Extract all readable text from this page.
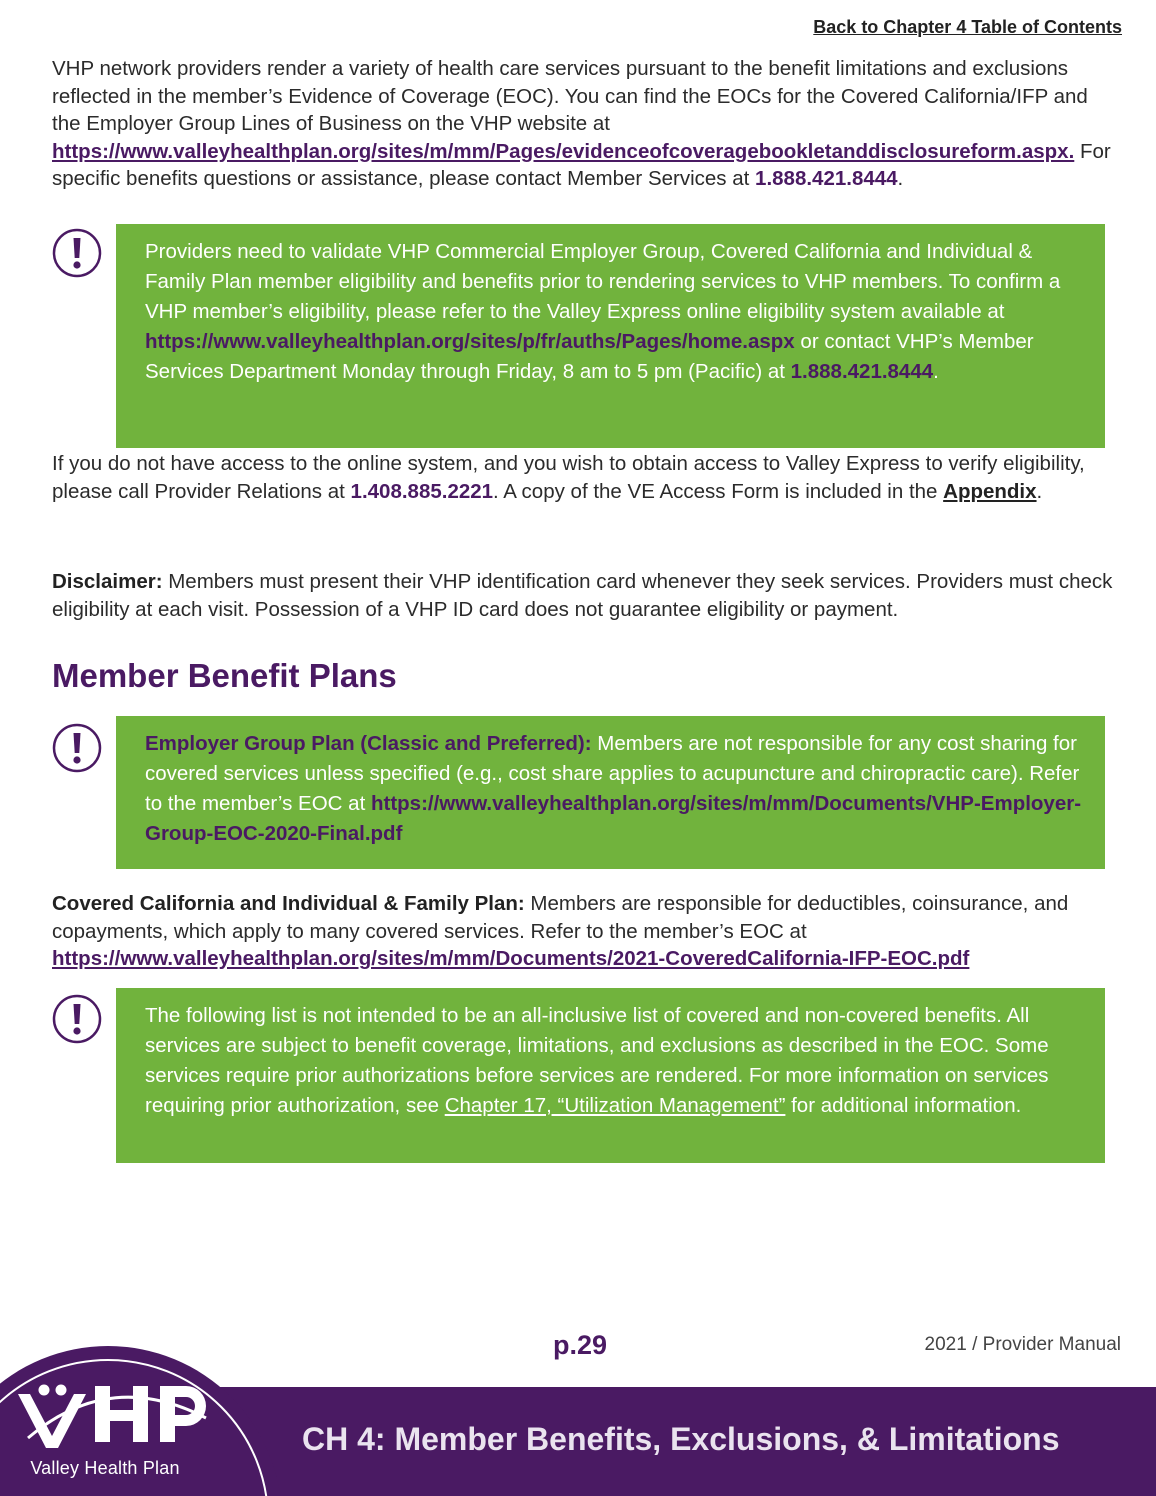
Back to Chapter 4 Table of Contents
VHP network providers render a variety of health care services pursuant to the benefit limitations and exclusions reflected in the member’s Evidence of Coverage (EOC). You can find the EOCs for the Covered California/IFP and the Employer Group Lines of Business on the VHP website at https://www.valleyhealthplan.org/sites/m/mm/Pages/evidenceofcoveragebookletanddisclosureform.aspx. For specific benefits questions or assistance, please contact Member Services at 1.888.421.8444.
Providers need to validate VHP Commercial Employer Group, Covered California and Individual & Family Plan member eligibility and benefits prior to rendering services to VHP members. To confirm a VHP member’s eligibility, please refer to the Valley Express online eligibility system available at https://www.valleyhealthplan.org/sites/p/fr/auths/Pages/home.aspx or contact VHP’s Member Services Department Monday through Friday, 8 am to 5 pm (Pacific) at 1.888.421.8444.
If you do not have access to the online system, and you wish to obtain access to Valley Express to verify eligibility, please call Provider Relations at 1.408.885.2221. A copy of the VE Access Form is included in the Appendix.
Disclaimer: Members must present their VHP identification card whenever they seek services. Providers must check eligibility at each visit. Possession of a VHP ID card does not guarantee eligibility or payment.
Member Benefit Plans
Employer Group Plan (Classic and Preferred): Members are not responsible for any cost sharing for covered services unless specified (e.g., cost share applies to acupuncture and chiropractic care). Refer to the member’s EOC at https://www.valleyhealthplan.org/sites/m/mm/Documents/VHP-Employer-Group-EOC-2020-Final.pdf
Covered California and Individual & Family Plan: Members are responsible for deductibles, coinsurance, and copayments, which apply to many covered services. Refer to the member’s EOC at https://www.valleyhealthplan.org/sites/m/mm/Documents/2021-CoveredCalifornia-IFP-EOC.pdf
The following list is not intended to be an all-inclusive list of covered and non-covered benefits. All services are subject to benefit coverage, limitations, and exclusions as described in the EOC. Some services require prior authorizations before services are rendered. For more information on services requiring prior authorization, see Chapter 17, “Utilization Management” for additional information.
p.29	2021 / Provider Manual
CH 4: Member Benefits, Exclusions, & Limitations
Valley Health Plan
